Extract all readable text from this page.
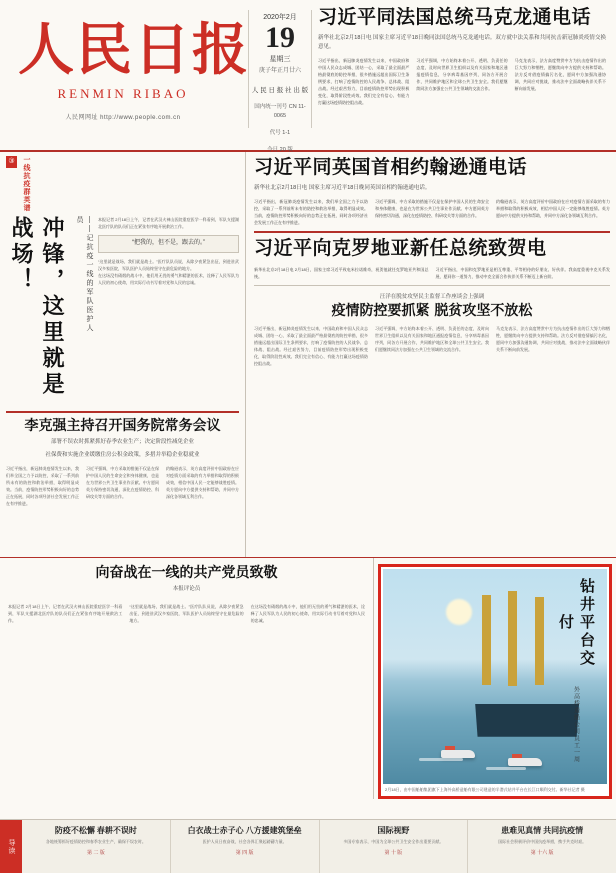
人民日报
RENMIN RIBAO
人民网网址 http://www.people.com.cn
2020年2月
19
星期三
庚子年正月廿六
人 民 日 报 社 出 版
国内统一刊号 CN 11-0065
代号 1-1
今日 20 版
习近平同法国总统马克龙通电话
新华社北京2月18日电 国家主席习近平18日晚同法国总统马克龙通电话。双方就中法关系和共同抗击新冠肺炎疫情交换意见。
习近平指出，新冠肺炎疫情发生以来，中国政府和中国人民众志成城、团结一心，采取了最全面最严格最彻底的防控举措，很多措施远超出国际卫生条例要求，打响了疫情防控的人民战争、总体战、阻击战。经过艰苦努力，目前疫情防控形势出现积极变化，取得阶段性成效。我们完全有信心、有能力打赢这场疫情防控阻击战。
习近平强调，中方始终本着公开、透明、负责任的态度，及时向世界卫生组织以及有关国家和地区通报疫情信息，分享病毒基因序列，同各方开展合作，共同维护地区和全球公共卫生安全。我们愿继续同法方加强在公共卫生领域的交流合作。
马克龙表示，法方高度赞赏中方为抗击疫情作出的巨大努力和牺牲，愿继续向中方提供支持和帮助。法方反对借疫情搞污名化，愿同中方加强沟通协调，共同应对挑战，推动法中全面战略伙伴关系不断向前发展。
③	一线抗疫群英谱
冲锋，这里就是战场！	——记抗疫一线的军队医护人员	本报记者 2月18日上午，记者在武汉火神山医院重症医学一科看到，军队支援湖北医疗队的队员们正在紧张有序地开展救治工作。
“把我的，但不是，跟去的。”
“这里就是战场，我们就是战士。”医疗队队员说，从除夕夜紧急出征，到进驻武汉多家医院，军队医护人员始终坚守在最危险的地方。
在这场没有硝烟的战斗中，他们用无畏的勇气和精湛的医术，诠释了人民军队为人民的初心使命，用实际行动书写着对党和人民的忠诚。
李克强主持召开国务院常务会议
部署不误农时抓紧抓好春季农业生产；决定阶段性减免企业
社保费和实施企业缓缴住房公积金政策，多措并举稳企业稳就业
习近平指出，新冠肺炎疫情发生以来，我们举全国之力予以防控，采取了一系列前所未有的防控和救治举措，取得明显成效。当前，疫情防控形势积极向好的态势正在拓展，同时各项经济社会发展工作正在有序推进。
习近平强调，中方采取的措施不仅是在保护中国人民的生命安全和身体健康，也是在为世界公共卫生事业作贡献。中方愿同英方保持密切沟通，深化在疫情防控、科研攻关等方面的合作。
约翰逊表示，英方高度评价中国政府在应对疫情方面采取的有力举措和取得的积极成效，相信中国人民一定能够战胜疫情。英方愿向中方提供支持和帮助，并同中方深化各领域互利合作。
习近平同英国首相约翰逊通电话
新华社北京2月18日电 国家主席习近平18日晚同英国首相约翰逊通电话。
习近平指出，新冠肺炎疫情发生以来，我们举全国之力予以防控，采取了一系列前所未有的防控和救治举措，取得明显成效。当前，疫情防控形势积极向好的态势正在拓展，同时各项经济社会发展工作正在有序推进。
习近平强调，中方采取的措施不仅是在保护中国人民的生命安全和身体健康，也是在为世界公共卫生事业作贡献。中方愿同英方保持密切沟通，深化在疫情防控、科研攻关等方面的合作。
约翰逊表示，英方高度评价中国政府在应对疫情方面采取的有力举措和取得的积极成效，相信中国人民一定能够战胜疫情。英方愿向中方提供支持和帮助，并同中方深化各领域互利合作。
习近平向克罗地亚新任总统致贺电
新华社北京2月18日电 2月18日，国家主席习近平致电米拉诺维奇，祝贺他就任克罗地亚共和国总统。
习近平指出，中国和克罗地亚是相互尊重、平等相待的好朋友、好伙伴。我高度重视中克关系发展，愿同你一道努力，推动中克全面合作伙伴关系不断迈上新台阶。
汪洋在脱贫攻坚民主监督工作座谈会上强调
疫情防控要抓紧 脱贫攻坚不放松
习近平指出，新冠肺炎疫情发生以来，中国政府和中国人民众志成城、团结一心，采取了最全面最严格最彻底的防控举措，很多措施远超出国际卫生条例要求，打响了疫情防控的人民战争、总体战、阻击战。经过艰苦努力，目前疫情防控形势出现积极变化，取得阶段性成效。我们完全有信心、有能力打赢这场疫情防控阻击战。
习近平强调，中方始终本着公开、透明、负责任的态度，及时向世界卫生组织以及有关国家和地区通报疫情信息，分享病毒基因序列，同各方开展合作，共同维护地区和全球公共卫生安全。我们愿继续同法方加强在公共卫生领域的交流合作。
马克龙表示，法方高度赞赏中方为抗击疫情作出的巨大努力和牺牲，愿继续向中方提供支持和帮助。法方反对借疫情搞污名化，愿同中方加强沟通协调，共同应对挑战，推动法中全面战略伙伴关系不断向前发展。
向奋战在一线的共产党员致敬
本报评论员
本报记者 2月18日上午，记者在武汉火神山医院重症医学一科看到，军队支援湖北医疗队的队员们正在紧张有序地开展救治工作。
“这里就是战场，我们就是战士。”医疗队队员说，从除夕夜紧急出征，到进驻武汉多家医院，军队医护人员始终坚守在最危险的地方。
在这场没有硝烟的战斗中，他们用无畏的勇气和精湛的医术，诠释了人民军队为人民的初心使命，用实际行动书写着对党和人民的忠诚。	钻井平台交付 外高桥造船公司员工一周
2月18日，由中国船舶集团旗下上海外高桥造船有限公司建造的半潜式钻井平台在长江口顺利交付。新华社记者 摄
导读
防疫不松懈 春耕不误时
各地统筹抓好疫情防控和春季农业生产，确保不误农时。
第 二 版
白衣战士赤子心 八方援建筑堡垒
医护人员日夜奋战，社会各界汇聚起磅礴力量。
第 四 版
国际视野
多国专家表示，中国为全球公共卫生安全作出重要贡献。
第 十 版
患难见真情 共同抗疫情
国际社会积极评价中国抗疫举措，携手共克时艰。
第 十六 版
